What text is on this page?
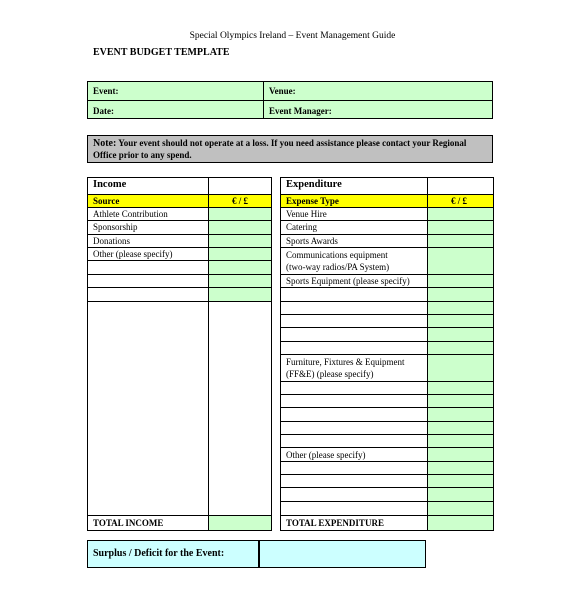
Special Olympics Ireland – Event Management Guide
EVENT BUDGET TEMPLATE
Event:	Venue:
Date:	Event Manager:
Note: Your event should not operate at a loss. If you need assistance please contact your Regional Office prior to any spend.
Income
Source	€ / £
Athlete Contribution
Sponsorship
Donations
Other (please specify)
TOTAL INCOME
Expenditure
Expense Type	€ / £
Venue Hire
Catering
Sports Awards
Communications equipment
(two-way radios/PA System)
Sports Equipment (please specify)
Furniture, Fixtures & Equipment
(FF&E) (please specify)
Other (please specify)
TOTAL EXPENDITURE
Surplus / Deficit for the Event:
